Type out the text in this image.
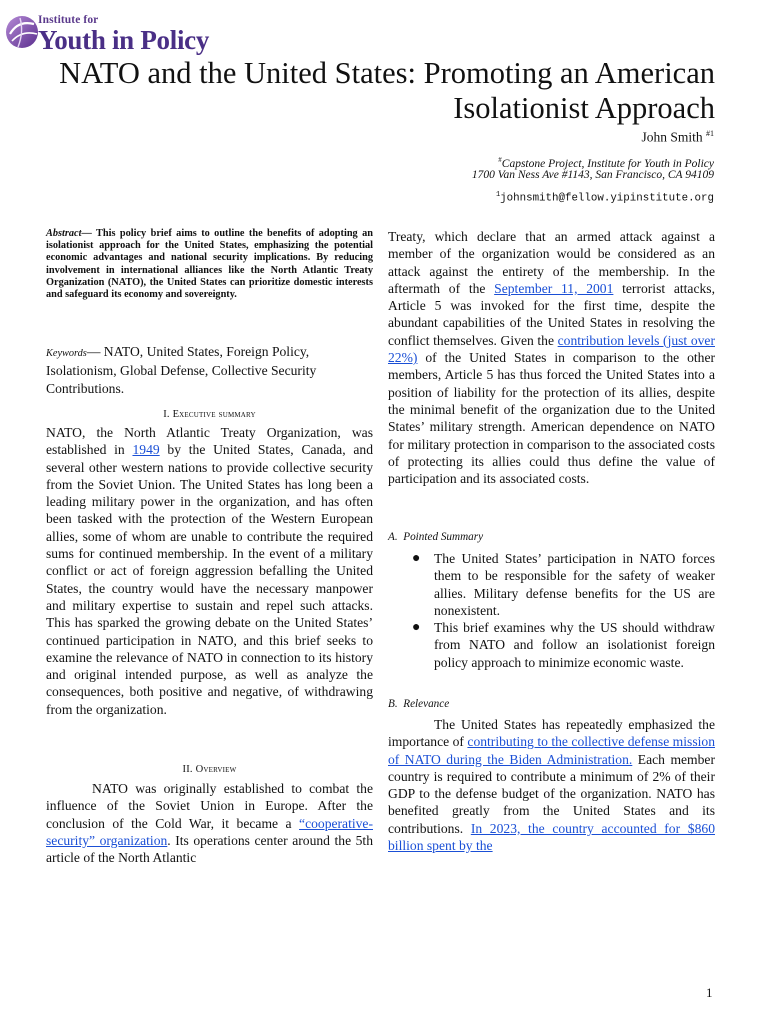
Institute for
Youth in Policy
NATO and the United States: Promoting an American Isolationist Approach
John Smith $^{\#1}$
#Capstone Project, Institute for Youth in Policy
1700 Van Ness Ave #1143, San Francisco, CA 94109
$^1$johnsmith@fellow.yipinstitute.org
Abstract— This policy brief aims to outline the benefits of adopting an isolationist approach for the United States, emphasizing the potential economic advantages and national security implications. By reducing involvement in international alliances like the North Atlantic Treaty Organization (NATO), the United States can prioritize domestic interests and safeguard its economy and sovereignty.
Keywords— NATO, United States, Foreign Policy, Isolationism, Global Defense, Collective Security Contributions.
I. Executive summary
NATO, the North Atlantic Treaty Organization, was established in 1949 by the United States, Canada, and several other western nations to provide collective security from the Soviet Union. The United States has long been a leading military power in the organization, and has often been tasked with the protection of the Western European allies, some of whom are unable to contribute the required sums for continued membership. In the event of a military conflict or act of foreign aggression befalling the United States, the country would have the necessary manpower and military expertise to sustain and repel such attacks. This has sparked the growing debate on the United States’ continued participation in NATO, and this brief seeks to examine the relevance of NATO in connection to its history and original intended purpose, as well as analyze the consequences, both positive and negative, of withdrawing from the organization.
II. Overview
NATO was originally established to combat the influence of the Soviet Union in Europe. After the conclusion of the Cold War, it became a “cooperative-security” organization. Its operations center around the 5th article of the North Atlantic
Treaty, which declare that an armed attack against a member of the organization would be considered as an attack against the entirety of the membership. In the aftermath of the September 11, 2001 terrorist attacks, Article 5 was invoked for the first time, despite the abundant capabilities of the United States in resolving the conflict themselves. Given the contribution levels (just over 22%) of the United States in comparison to the other members, Article 5 has thus forced the United States into a position of liability for the protection of its allies, despite the minimal benefit of the organization due to the United States’ military strength. American dependence on NATO for military protection in comparison to the associated costs of protecting its allies could thus define the value of participation and its associated costs.
A. Pointed Summary
● The United States’ participation in NATO forces them to be responsible for the safety of weaker allies. Military defense benefits for the US are nonexistent.
● This brief examines why the US should withdraw from NATO and follow an isolationist foreign policy approach to minimize economic waste.
B. Relevance
The United States has repeatedly emphasized the importance of contributing to the collective defense mission of NATO during the Biden Administration. Each member country is required to contribute a minimum of 2% of their GDP to the defense budget of the organization. NATO has benefited greatly from the United States and its contributions. In 2023, the country accounted for $860 billion spent by the
1
